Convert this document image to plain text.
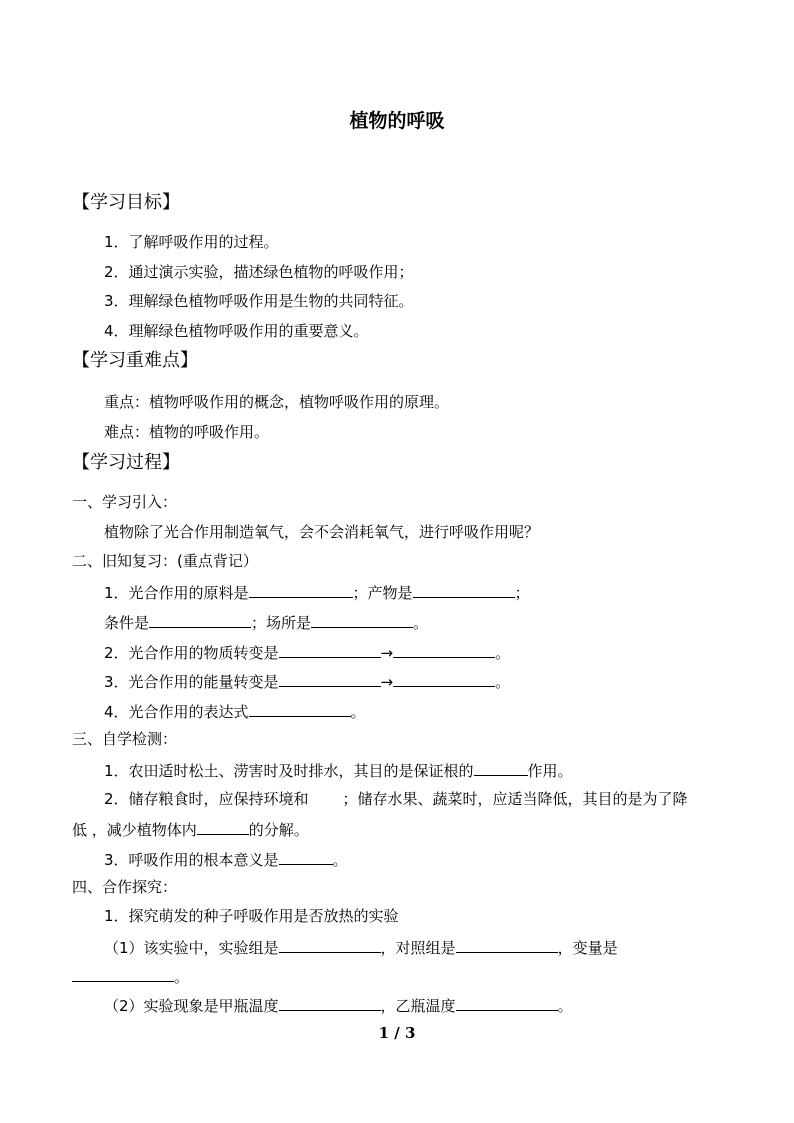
植物的呼吸
【学习目标】
1．了解呼吸作用的过程。
2．通过演示实验，描述绿色植物的呼吸作用；
3．理解绿色植物呼吸作用是生物的共同特征。
4．理解绿色植物呼吸作用的重要意义。
【学习重难点】
重点：植物呼吸作用的概念，植物呼吸作用的原理。
难点：植物的呼吸作用。
【学习过程】
一、学习引入：
植物除了光合作用制造氧气，会不会消耗氧气，进行呼吸作用呢？
二、旧知复习：(重点背记）
1．光合作用的原料是	；产物是	；
条件是	；场所是	。
2．光合作用的物质转变是	→	。
3．光合作用的能量转变是	→	。
4．光合作用的表达式	。
三、自学检测：
1．农田适时松土、涝害时及时排水，其目的是保证根的	作用。
2．储存粮食时，应保持环境和 ；储存水果、蔬菜时，应适当降低，其目的是为了降
低 ，减少植物体内	的分解。
3．呼吸作用的根本意义是	。
四、合作探究：
1．探究萌发的种子呼吸作用是否放热的实验
（1）该实验中，实验组是	，对照组是	，变量是
。
（2）实验现象是甲瓶温度	，乙瓶温度	。
1 / 3
